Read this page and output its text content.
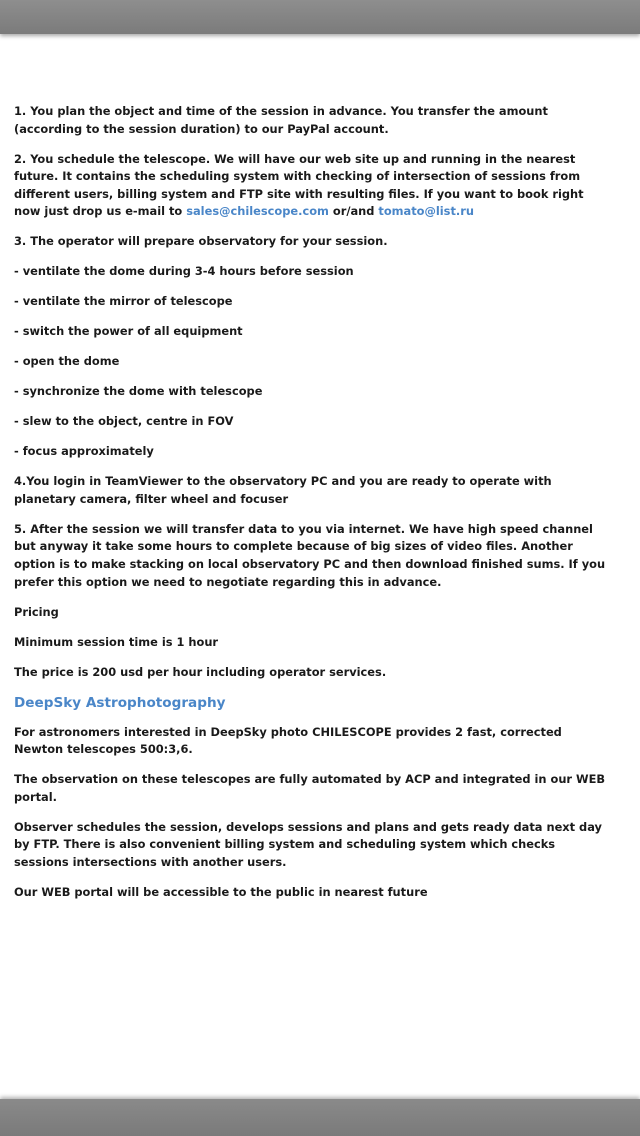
1. You plan the object and time of the session in advance. You transfer the amount (according to the session duration) to our PayPal account.

2. You schedule the telescope. We will have our web site up and running in the nearest future. It contains the scheduling system with checking of intersection of sessions from different users, billing system and FTP site with resulting files. If you want to book right now just drop us e-mail to sales@chilescope.com or/and tomato@list.ru

3. The operator will prepare observatory for your session.

- ventilate the dome during 3-4 hours before session

- ventilate the mirror of telescope

- switch the power of all equipment

- open the dome

- synchronize the dome with telescope

- slew to the object, centre in FOV

- focus approximately

4.You login in TeamViewer to the observatory PC and you are ready to operate with planetary camera, filter wheel and focuser

5. After the session we will transfer data to you via internet. We have high speed channel but anyway it take some hours to complete because of big sizes of video files. Another option is to make stacking on local observatory PC and then download finished sums. If you prefer this option we need to negotiate regarding this in advance.

Pricing

Minimum session time is 1 hour

The price is 200 usd per hour including operator services.

DeepSky Astrophotography

For astronomers interested in DeepSky photo CHILESCOPE provides 2 fast, corrected Newton telescopes 500:3,6.

The observation on these telescopes are fully automated by ACP and integrated in our WEB portal.

Observer schedules the session, develops sessions and plans and gets ready data next day by FTP. There is also convenient billing system and scheduling system which checks sessions intersections with another users.

Our WEB portal will be accessible to the public in nearest future
